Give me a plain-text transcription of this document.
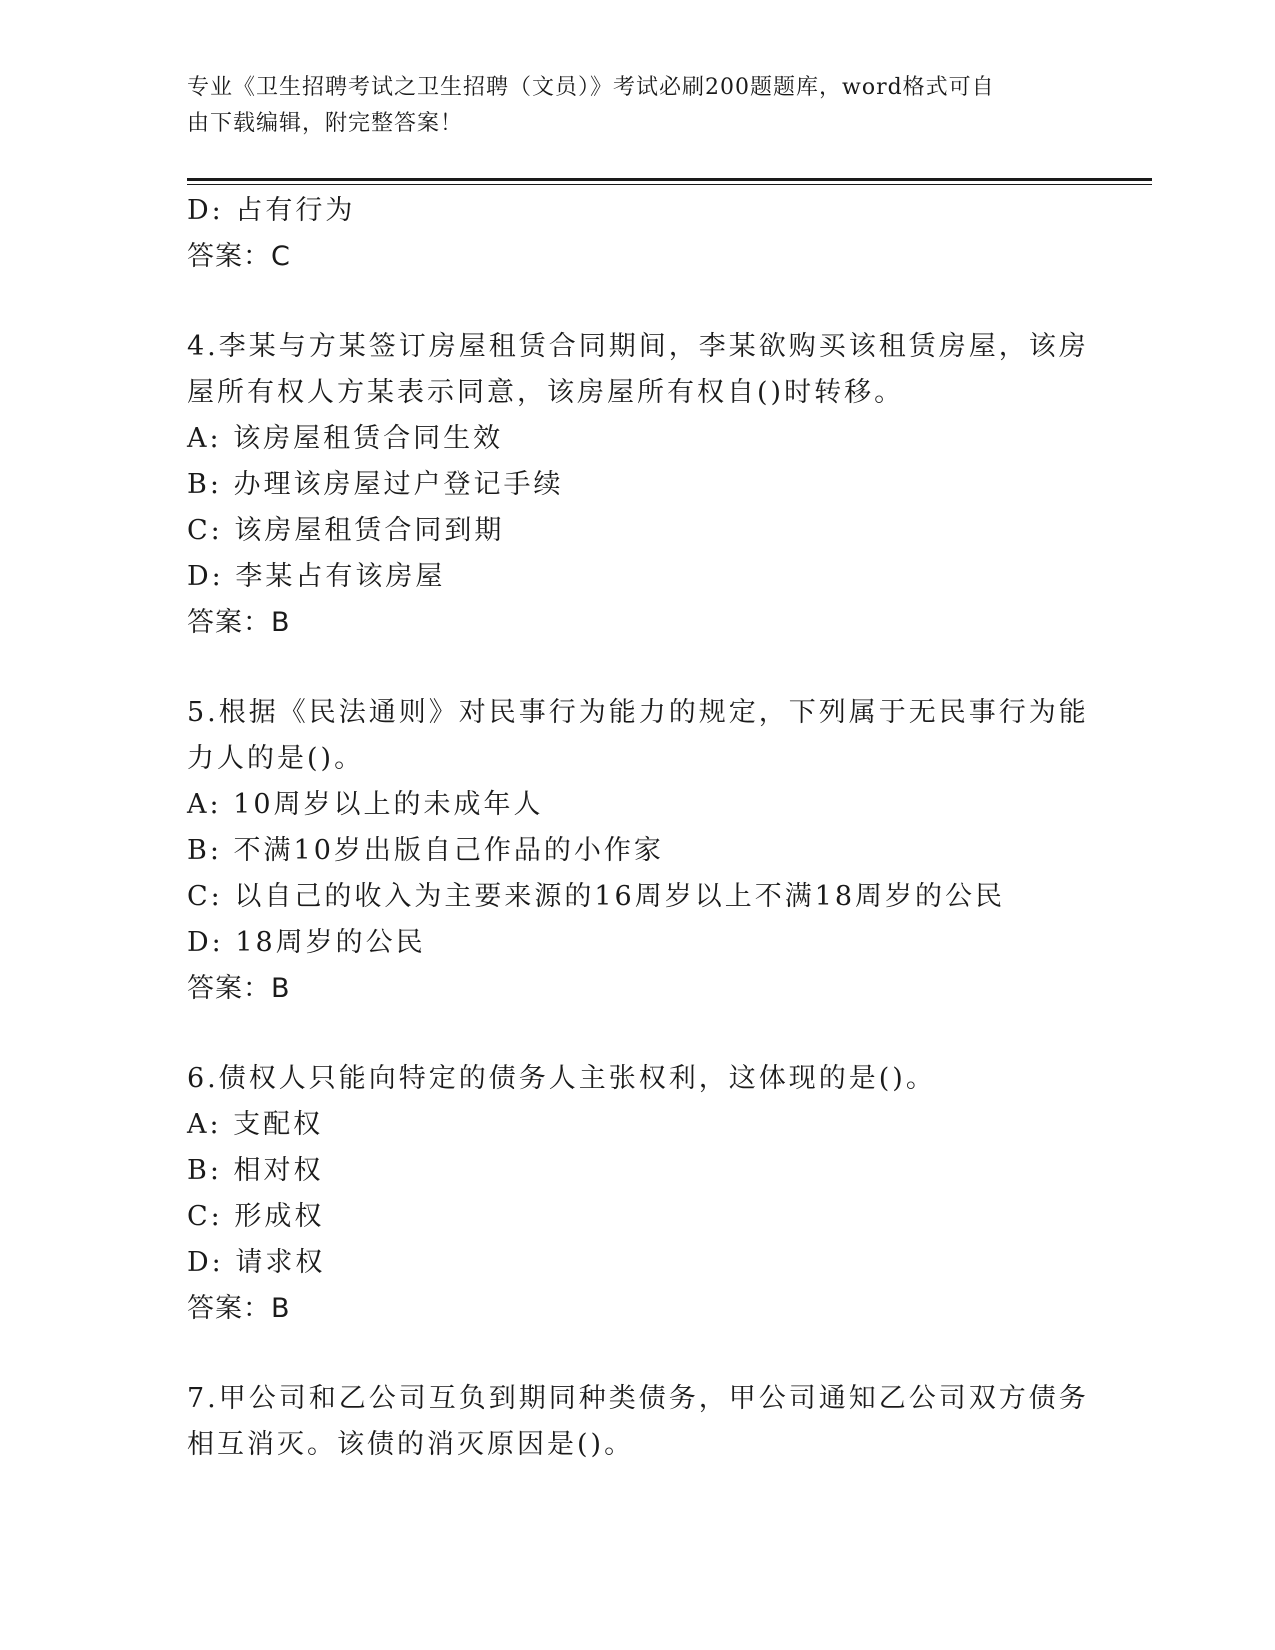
专业《卫生招聘考试之卫生招聘（文员）》考试必刷200题题库，word格式可自
由下载编辑，附完整答案！
D: 占有行为
答案：C
4.李某与方某签订房屋租赁合同期间，李某欲购买该租赁房屋，该房
屋所有权人方某表示同意，该房屋所有权自()时转移。
A: 该房屋租赁合同生效
B: 办理该房屋过户登记手续
C: 该房屋租赁合同到期
D: 李某占有该房屋
答案：B
5.根据《民法通则》对民事行为能力的规定，下列属于无民事行为能
力人的是()。
A: 10周岁以上的未成年人
B: 不满10岁出版自己作品的小作家
C: 以自己的收入为主要来源的16周岁以上不满18周岁的公民
D: 18周岁的公民
答案：B
6.债权人只能向特定的债务人主张权利，这体现的是()。
A: 支配权
B: 相对权
C: 形成权
D: 请求权
答案：B
7.甲公司和乙公司互负到期同种类债务，甲公司通知乙公司双方债务
相互消灭。该债的消灭原因是()。
